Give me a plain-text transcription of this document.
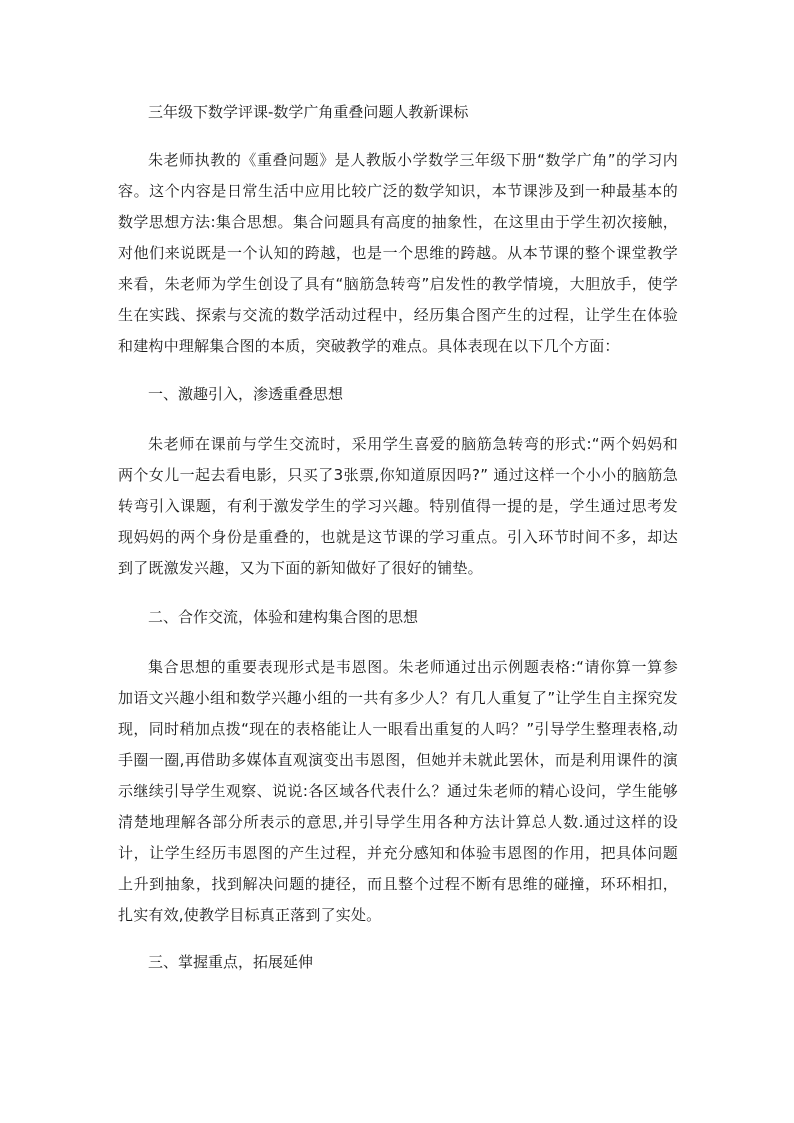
三年级下数学评课-数学广角重叠问题人教新课标

朱老师执教的《重叠问题》是人教版小学数学三年级下册“数学广角”的学习内容。这个内容是日常生活中应用比较广泛的数学知识，本节课涉及到一种最基本的数学思想方法:集合思想。集合问题具有高度的抽象性，在这里由于学生初次接触，对他们来说既是一个认知的跨越，也是一个思维的跨越。从本节课的整个课堂教学来看，朱老师为学生创设了具有“脑筋急转弯”启发性的教学情境，大胆放手，使学生在实践、探索与交流的数学活动过程中，经历集合图产生的过程，让学生在体验和建构中理解集合图的本质，突破教学的难点。具体表现在以下几个方面：

一、激趣引入，渗透重叠思想

朱老师在课前与学生交流时，采用学生喜爱的脑筋急转弯的形式:“两个妈妈和两个女儿一起去看电影，只买了3张票,你知道原因吗?” 通过这样一个小小的脑筋急转弯引入课题，有利于激发学生的学习兴趣。特别值得一提的是，学生通过思考发现妈妈的两个身份是重叠的，也就是这节课的学习重点。引入环节时间不多，却达到了既激发兴趣，又为下面的新知做好了很好的铺垫。

二、合作交流，体验和建构集合图的思想

集合思想的重要表现形式是韦恩图。朱老师通过出示例题表格:“请你算一算参加语文兴趣小组和数学兴趣小组的一共有多少人？有几人重复了”让学生自主探究发现，同时稍加点拨“现在的表格能让人一眼看出重复的人吗？”引导学生整理表格,动手圈一圈,再借助多媒体直观演变出韦恩图，但她并未就此罢休，而是利用课件的演示继续引导学生观察、说说:各区域各代表什么？通过朱老师的精心设问，学生能够清楚地理解各部分所表示的意思,并引导学生用各种方法计算总人数.通过这样的设计，让学生经历韦恩图的产生过程，并充分感知和体验韦恩图的作用，把具体问题上升到抽象，找到解决问题的捷径，而且整个过程不断有思维的碰撞，环环相扣，扎实有效,使教学目标真正落到了实处。

三、掌握重点，拓展延伸
